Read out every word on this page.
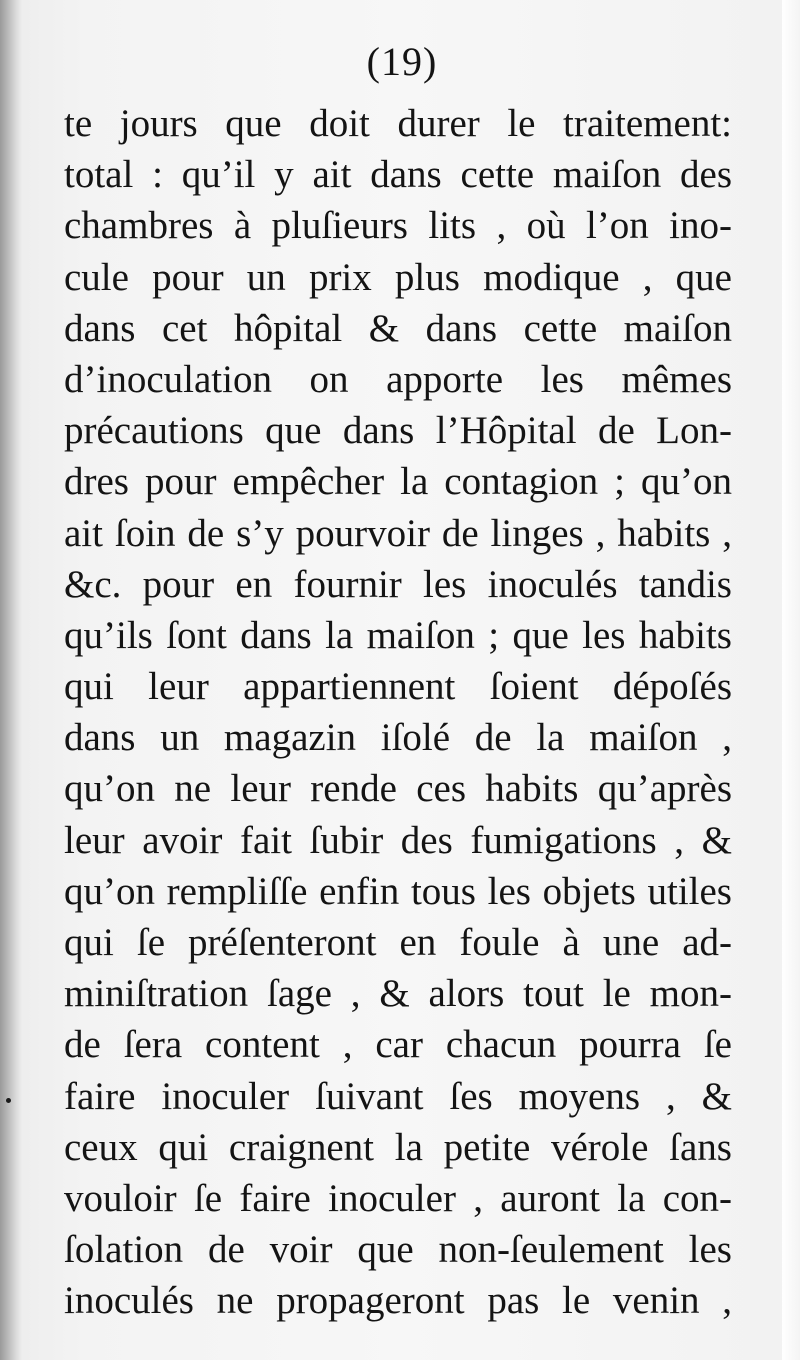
(19)
te jours que doit durer le traitement:
total : qu’il y ait dans cette maiſon des
chambres à pluſieurs lits , où l’on ino-
cule pour un prix plus modique , que
dans cet hôpital & dans cette maiſon
d’inoculation on apporte les mêmes
précautions que dans l’Hôpital de Lon-
dres pour empêcher la contagion ; qu’on
ait ſoin de s’y pourvoir de linges , habits ,
&c. pour en fournir les inoculés tandis
qu’ils ſont dans la maiſon ; que les habits
qui leur appartiennent ſoient dépoſés
dans un magazin iſolé de la maiſon ,
qu’on ne leur rende ces habits qu’après
leur avoir fait ſubir des fumigations , &
qu’on rempliſſe enfin tous les objets utiles
qui ſe préſenteront en foule à une ad-
miniſtration ſage , & alors tout le mon-
de ſera content , car chacun pourra ſe
faire inoculer ſuivant ſes moyens , &
ceux qui craignent la petite vérole ſans
vouloir ſe faire inoculer , auront la con-
ſolation de voir que non-ſeulement les
inoculés ne propageront pas le venin ,
